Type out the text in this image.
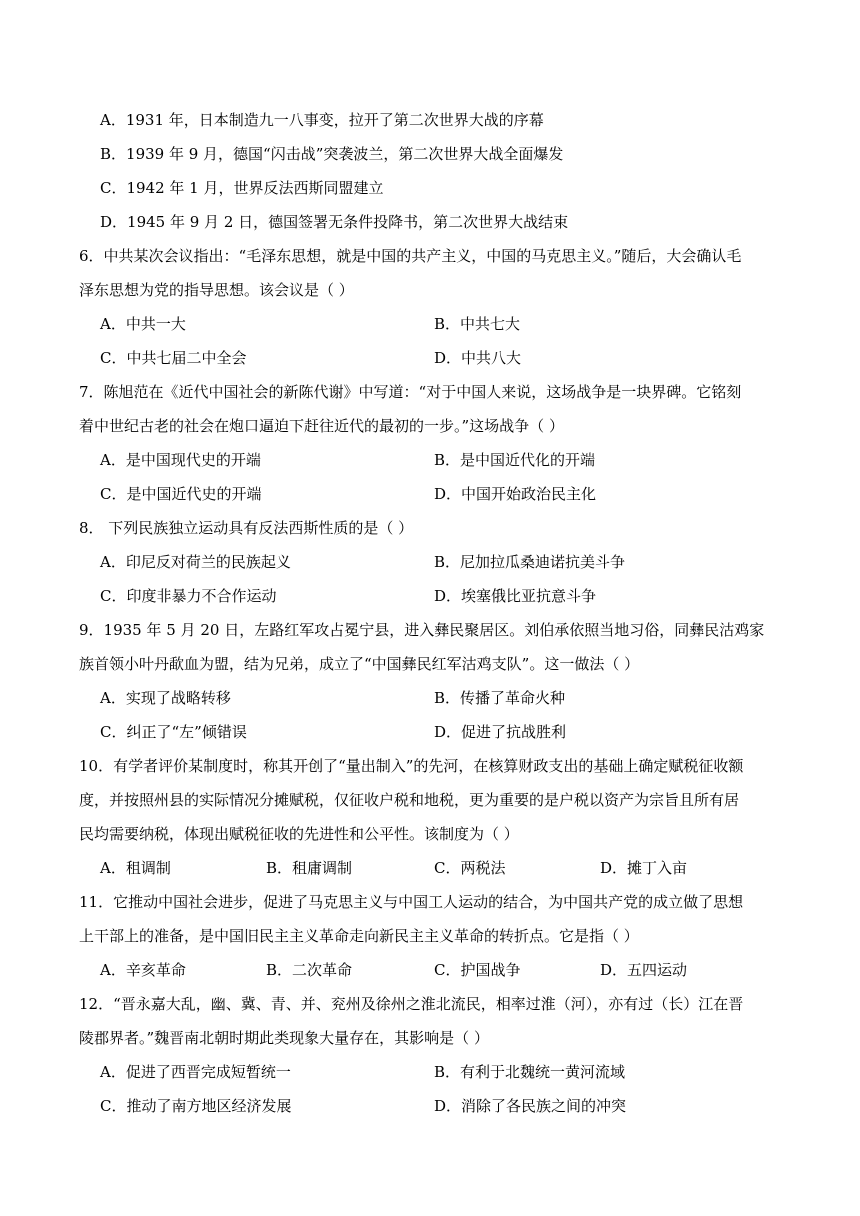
A．1931 年，日本制造九一八事变，拉开了第二次世界大战的序幕
B．1939 年 9 月，德国“闪击战”突袭波兰，第二次世界大战全面爆发
C．1942 年 1 月，世界反法西斯同盟建立
D．1945 年 9 月 2 日，德国签署无条件投降书，第二次世界大战结束
6．中共某次会议指出：“毛泽东思想，就是中国的共产主义，中国的马克思主义。”随后，大会确认毛
泽东思想为党的指导思想。该会议是（ ）
A．中共一大	B．中共七大
C．中共七届二中全会	D．中共八大
7．陈旭范在《近代中国社会的新陈代谢》中写道：“对于中国人来说，这场战争是一块界碑。它铭刻
着中世纪古老的社会在炮口逼迫下赶往近代的最初的一步。”这场战争（ ）
A．是中国现代史的开端	B．是中国近代化的开端
C．是中国近代史的开端	D．中国开始政治民主化
8． 下列民族独立运动具有反法西斯性质的是（ ）
A．印尼反对荷兰的民族起义	B．尼加拉瓜桑迪诺抗美斗争
C．印度非暴力不合作运动	D．埃塞俄比亚抗意斗争
9．1935 年 5 月 20 日，左路红军攻占冕宁县，进入彝民聚居区。刘伯承依照当地习俗，同彝民沽鸡家
族首领小叶丹歃血为盟，结为兄弟，成立了“中国彝民红军沽鸡支队”。这一做法（ ）
A．实现了战略转移	B．传播了革命火种
C．纠正了“左”倾错误	D．促进了抗战胜利
10．有学者评价某制度时，称其开创了“量出制入”的先河，在核算财政支出的基础上确定赋税征收额
度，并按照州县的实际情况分摊赋税，仅征收户税和地税，更为重要的是户税以资产为宗旨且所有居
民均需要纳税，体现出赋税征收的先进性和公平性。该制度为（ ）
A．租调制	B．租庸调制	C．两税法	D．摊丁入亩
11．它推动中国社会进步，促进了马克思主义与中国工人运动的结合，为中国共产党的成立做了思想
上干部上的准备，是中国旧民主主义革命走向新民主主义革命的转折点。它是指（ ）
A．辛亥革命	B．二次革命	C．护国战争	D．五四运动
12．“晋永嘉大乱，幽、冀、青、并、兖州及徐州之淮北流民，相率过淮（河），亦有过（长）江在晋
陵郡界者。”魏晋南北朝时期此类现象大量存在，其影响是（ ）
A．促进了西晋完成短暂统一	B．有利于北魏统一黄河流域
C．推动了南方地区经济发展	D．消除了各民族之间的冲突
